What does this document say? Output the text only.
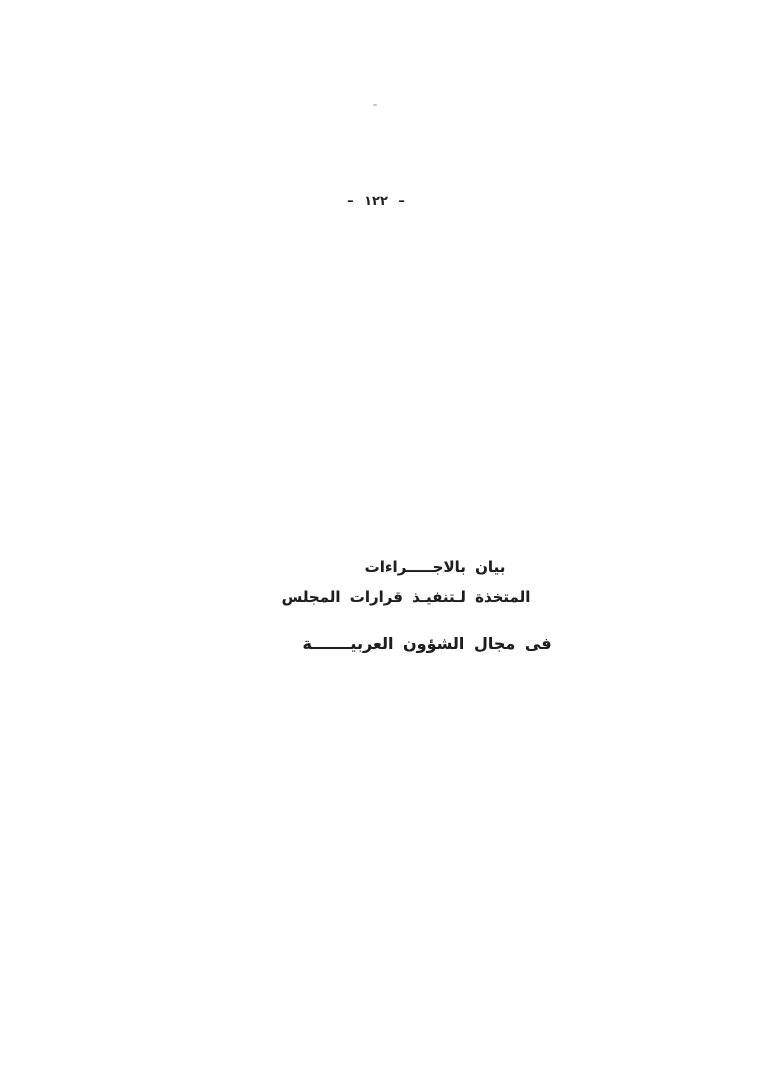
– ١٢٢ –
بيان بالاجـــــراءات
المتخذة لـتنفيـذ قرارات المجلس
فى مجال الشؤون العربيـــــــة
